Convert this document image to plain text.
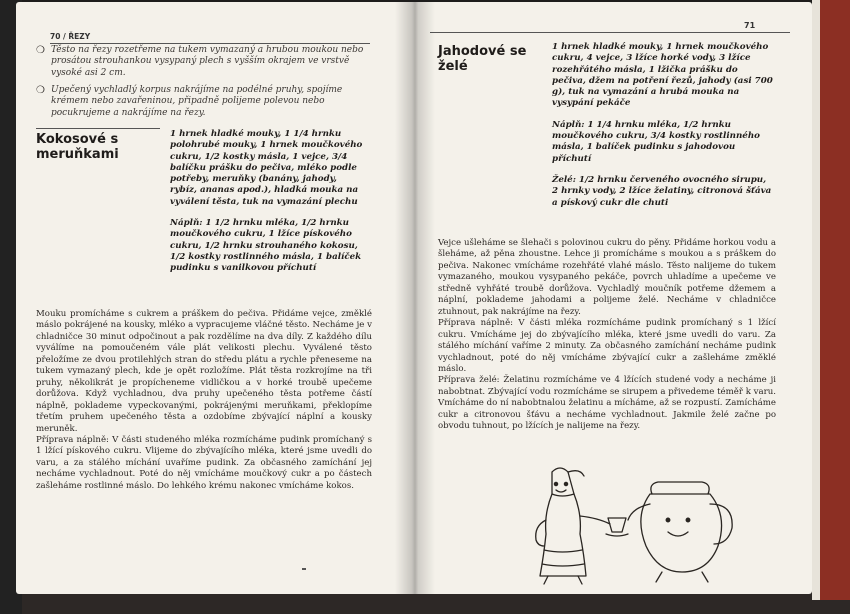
70 / ŘEZY
❍ Těsto na řezy rozetřeme na tukem vymazaný a hrubou moukou nebo prosátou strouhankou vysypaný plech s vyšším okrajem ve vrstvě vysoké asi 2 cm.
❍ Upečený vychladlý korpus nakrájíme na podélné pruhy, spojíme krémem nebo zavařeninou, připadně polijeme polevou nebo pocukrujeme a nakrájíme na řezy.
Kokosové s meruňkami

1 hrnek hladké mouky, 1 1/4 hrnku polohrubé mouky, 1 hrnek moučkového cukru, 1/2 kostky másla, 1 vejce, 3/4 balíčku prášku do pečiva, mléko podle potřeby, meruňky (banány, jahody, rybíz, ananas apod.), hladká mouka na vyválení těsta, tuk na vymazání plechu

Náplň: 1 1/2 hrnku mléka, 1/2 hrnku moučkového cukru, 1 lžíce pískového cukru, 1/2 hrnku strouhaného kokosu, 1/2 kostky rostlinného másla, 1 balíček pudinku s vanilkovou příchutí

Mouku promícháme s cukrem a práškem do pečiva. Přidáme vejce, změklé máslo pokrájené na kousky, mléko a vypracujeme vláčné těsto. Necháme je v chladničce 30 minut odpočinout a pak rozdělíme na dva díly. Z každého dílu vyválíme na pomoučeném vále plát velikosti plechu. Vyválené těsto přeložíme ze dvou protilehlých stran do středu plátu a rychle přeneseme na tukem vymazaný plech, kde je opět rozložíme. Plát těsta rozkrojíme na tři pruhy, několikrát je propícheneme vidličkou a v horké troubě upečeme dorůžova. Když vychladnou, dva pruhy upečeného těsta potřeme částí náplně, poklademe vypeckovanými, pokrájenými meruňkami, překlopíme třetím pruhem upečeného těsta a ozdobíme zbývající náplní a kousky meruněk.

Příprava náplně: V části studeného mléka rozmícháme pudink promíchaný s 1 lžící pískového cukru. Vlijeme do zbývajícího mléka, které jsme uvedli do varu, a za stálého míchání uvaříme pudink. Za občasného zamíchání jej necháme vychladnout. Poté do něj vmícháme moučkový cukr a po částech zašleháme rostlinné máslo. Do lehkého krému nakonec vmícháme kokos.

71
Jahodové se želé

1 hrnek hladké mouky, 1 hrnek moučkového cukru, 4 vejce, 3 lžíce horké vody, 3 lžíce rozehřátého másla, 1 lžička prášku do pečiva, džem na potření řezů, jahody (asi 700 g), tuk na vymazání a hrubá mouka na vysypání pekáče

Náplň: 1 1/4 hrnku mléka, 1/2 hrnku moučkového cukru, 3/4 kostky rostlinného másla, 1 balíček pudinku s jahodovou příchutí

Želé: 1/2 hrnku červeného ovocného sirupu, 2 hrnky vody, 2 lžíce želatiny, citronová šťáva a pískový cukr dle chuti

Vejce ušleháme se šlehači s polovinou cukru do pěny. Přidáme horkou vodu a šleháme, až pěna zhoustne. Lehce ji promícháme s moukou a s práškem do pečiva. Nakonec vmícháme rozehřáté vlahé máslo. Těsto nalijeme do tukem vymazaného, moukou vysypaného pekáče, povrch uhladíme a upečeme ve středně vyhřáté troubě dorůžova. Vychladlý moučník potřeme džemem a náplní, poklademe jahodami a polijeme želé. Necháme v chladničce ztuhnout, pak nakrájíme na řezy.

Příprava náplně: V části mléka rozmícháme pudink promíchaný s 1 lžící cukru. Vmícháme jej do zbývajícího mléka, které jsme uvedli do varu. Za stálého míchání vaříme 2 minuty. Za občasného zamíchání necháme pudink vychladnout, poté do něj vmícháme zbývající cukr a zašleháme změklé máslo.

Příprava želé: Želatinu rozmícháme ve 4 lžících studené vody a necháme ji nabobtnat. Zbývající vodu rozmícháme se sirupem a přivedeme téměř k varu. Vmícháme do ní nabobtnalou želatinu a mícháme, až se rozpustí. Zamícháme cukr a citronovou šťávu a necháme vychladnout. Jakmile želé začne po obvodu tuhnout, po lžících je nalijeme na řezy.
